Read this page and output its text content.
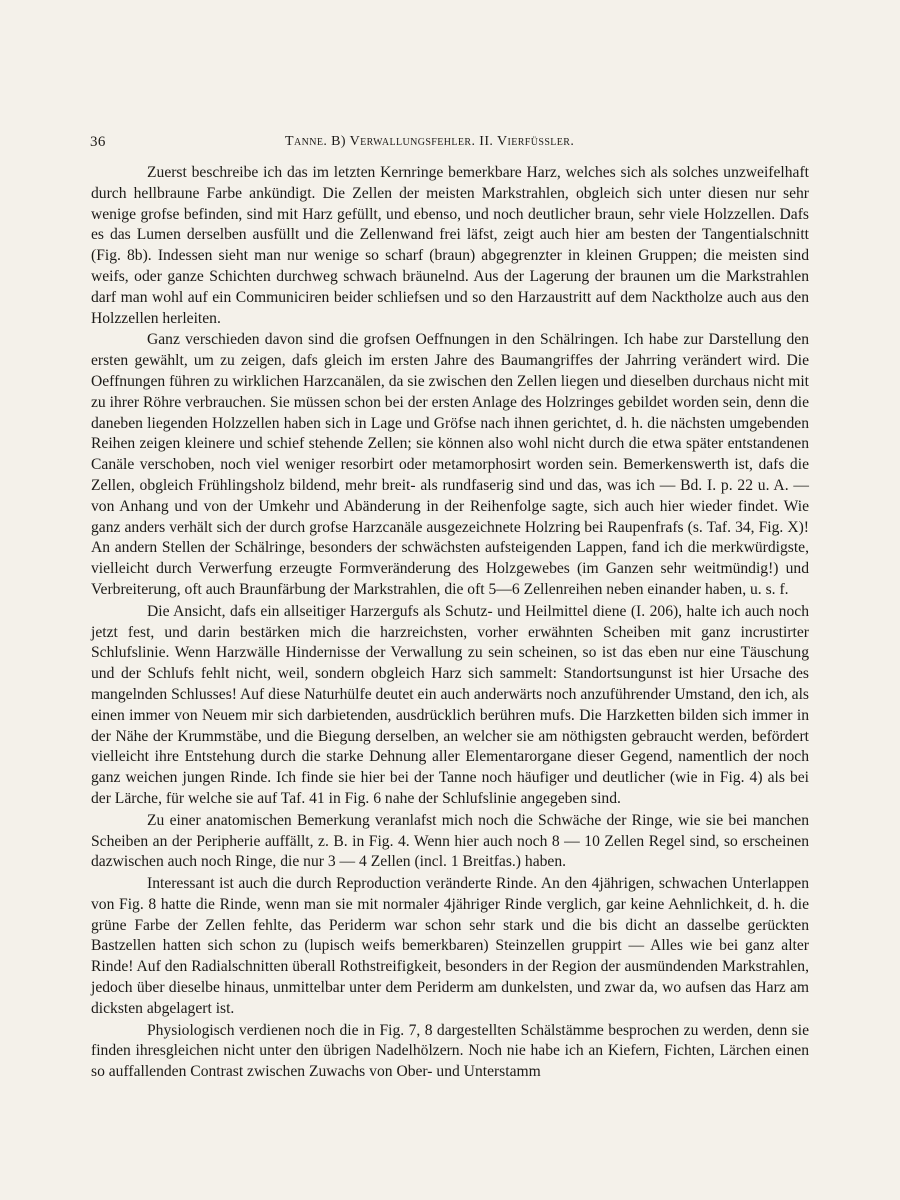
36	Tanne. B) Verwallungsfehler. II. Vierfüssler.

Zuerst beschreibe ich das im letzten Kernringe bemerkbare Harz, welches sich als solches unzweifelhaft durch hellbraune Farbe ankündigt. Die Zellen der meisten Markstrahlen, obgleich sich unter diesen nur sehr wenige grofse befinden, sind mit Harz gefüllt, und ebenso, und noch deutlicher braun, sehr viele Holzzellen. Dafs es das Lumen derselben ausfüllt und die Zellenwand frei läfst, zeigt auch hier am besten der Tangentialschnitt (Fig. 8b). Indessen sieht man nur wenige so scharf (braun) abgegrenzter in kleinen Gruppen; die meisten sind weifs, oder ganze Schichten durchweg schwach bräunelnd. Aus der Lagerung der braunen um die Markstrahlen darf man wohl auf ein Communiciren beider schliefsen und so den Harzaustritt auf dem Nacktholze auch aus den Holzzellen herleiten.

Ganz verschieden davon sind die grofsen Oeffnungen in den Schälringen. Ich habe zur Darstellung den ersten gewählt, um zu zeigen, dafs gleich im ersten Jahre des Baumangriffes der Jahrring verändert wird. Die Oeffnungen führen zu wirklichen Harzcanälen, da sie zwischen den Zellen liegen und dieselben durchaus nicht mit zu ihrer Röhre verbrauchen. Sie müssen schon bei der ersten Anlage des Holzringes gebildet worden sein, denn die daneben liegenden Holzzellen haben sich in Lage und Gröfse nach ihnen gerichtet, d. h. die nächsten umgebenden Reihen zeigen kleinere und schief stehende Zellen; sie können also wohl nicht durch die etwa später entstandenen Canäle verschoben, noch viel weniger resorbirt oder metamorphosirt worden sein. Bemerkenswerth ist, dafs die Zellen, obgleich Frühlingsholz bildend, mehr breit- als rundfaserig sind und das, was ich — Bd. I. p. 22 u. A. — von Anhang und von der Umkehr und Abänderung in der Reihenfolge sagte, sich auch hier wieder findet. Wie ganz anders verhält sich der durch grofse Harzcanäle ausgezeichnete Holzring bei Raupenfrafs (s. Taf. 34, Fig. X)! An andern Stellen der Schälringe, besonders der schwächsten aufsteigenden Lappen, fand ich die merkwürdigste, vielleicht durch Verwerfung erzeugte Formveränderung des Holzgewebes (im Ganzen sehr weitmündig!) und Verbreiterung, oft auch Braunfärbung der Markstrahlen, die oft 5—6 Zellenreihen neben einander haben, u. s. f.

Die Ansicht, dafs ein allseitiger Harzergufs als Schutz- und Heilmittel diene (I. 206), halte ich auch noch jetzt fest, und darin bestärken mich die harzreichsten, vorher erwähnten Scheiben mit ganz incrustirter Schlufslinie. Wenn Harzwälle Hindernisse der Verwallung zu sein scheinen, so ist das eben nur eine Täuschung und der Schlufs fehlt nicht, weil, sondern obgleich Harz sich sammelt: Standortsungunst ist hier Ursache des mangelnden Schlusses! Auf diese Naturhülfe deutet ein auch anderwärts noch anzuführender Umstand, den ich, als einen immer von Neuem mir sich darbietenden, ausdrücklich berühren mufs. Die Harzketten bilden sich immer in der Nähe der Krummstäbe, und die Biegung derselben, an welcher sie am nöthigsten gebraucht werden, befördert vielleicht ihre Entstehung durch die starke Dehnung aller Elementarorgane dieser Gegend, namentlich der noch ganz weichen jungen Rinde. Ich finde sie hier bei der Tanne noch häufiger und deutlicher (wie in Fig. 4) als bei der Lärche, für welche sie auf Taf. 41 in Fig. 6 nahe der Schlufslinie angegeben sind.

Zu einer anatomischen Bemerkung veranlafst mich noch die Schwäche der Ringe, wie sie bei manchen Scheiben an der Peripherie auffällt, z. B. in Fig. 4. Wenn hier auch noch 8 — 10 Zellen Regel sind, so erscheinen dazwischen auch noch Ringe, die nur 3 — 4 Zellen (incl. 1 Breitfas.) haben.

Interessant ist auch die durch Reproduction veränderte Rinde. An den 4jährigen, schwachen Unterlappen von Fig. 8 hatte die Rinde, wenn man sie mit normaler 4jähriger Rinde verglich, gar keine Aehnlichkeit, d. h. die grüne Farbe der Zellen fehlte, das Periderm war schon sehr stark und die bis dicht an dasselbe gerückten Bastzellen hatten sich schon zu (lupisch weifs bemerkbaren) Steinzellen gruppirt — Alles wie bei ganz alter Rinde! Auf den Radialschnitten überall Rothstreifigkeit, besonders in der Region der ausmündenden Markstrahlen, jedoch über dieselbe hinaus, unmittelbar unter dem Periderm am dunkelsten, und zwar da, wo aufsen das Harz am dicksten abgelagert ist.

Physiologisch verdienen noch die in Fig. 7, 8 dargestellten Schälstämme besprochen zu werden, denn sie finden ihresgleichen nicht unter den übrigen Nadelhölzern. Noch nie habe ich an Kiefern, Fichten, Lärchen einen so auffallenden Contrast zwischen Zuwachs von Ober- und Unterstamm
